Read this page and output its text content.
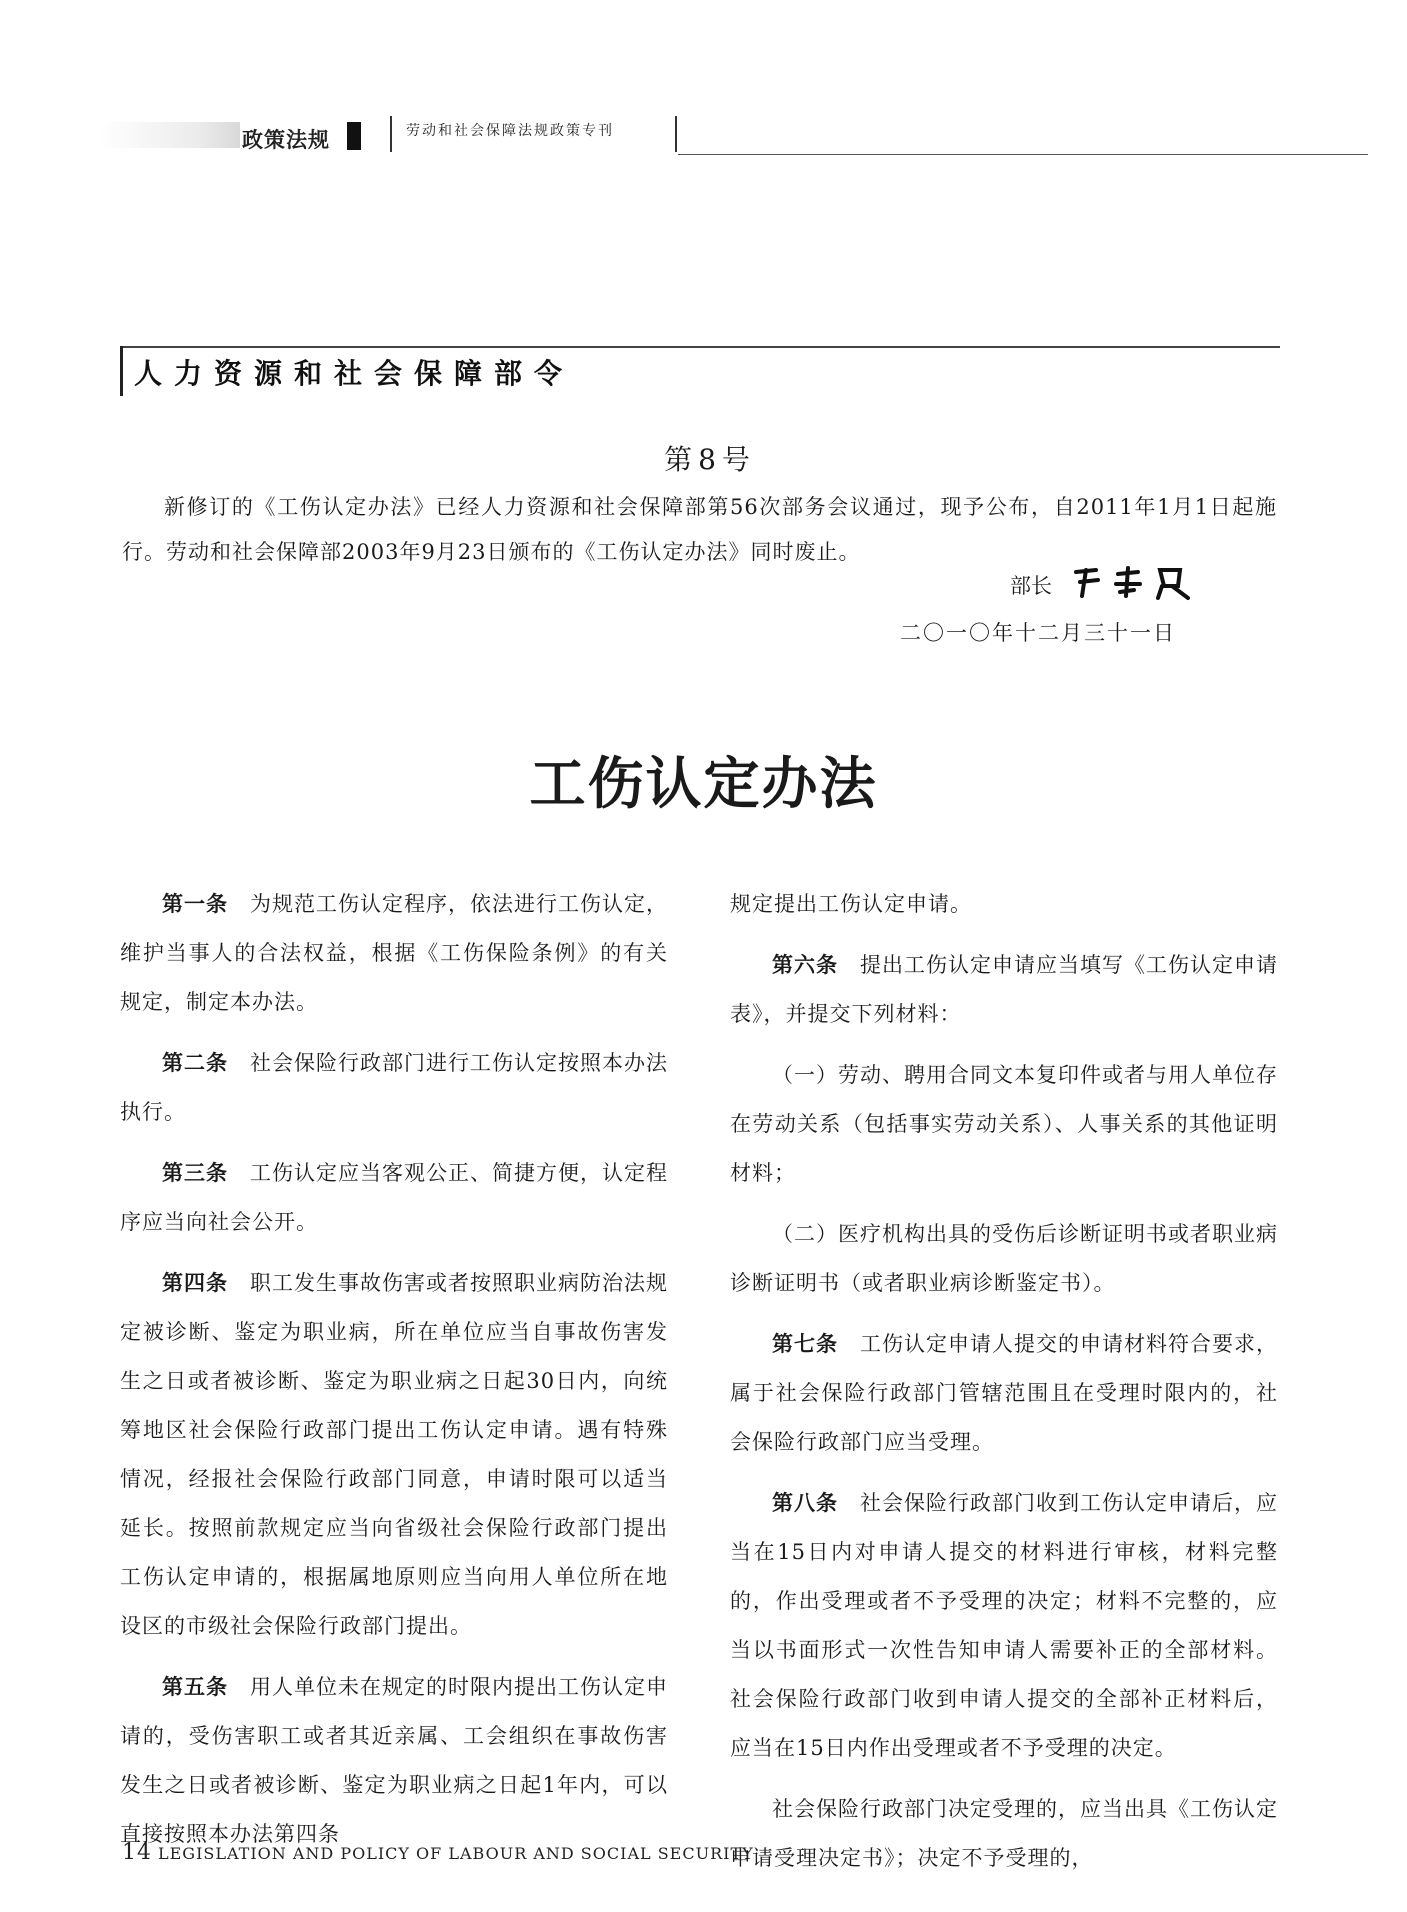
政策法规	劳动和社会保障法规政策专刊
人力资源和社会保障部令
第8号

新修订的《工伤认定办法》已经人力资源和社会保障部第56次部务会议通过，现予公布，自2011年1月1日起施行。劳动和社会保障部2003年9月23日颁布的《工伤认定办法》同时废止。

部长
二〇一〇年十二月三十一日
工伤认定办法

第一条　 为规范工伤认定程序，依法进行工伤认定，维护当事人的合法权益，根据《工伤保险条例》的有关规定，制定本办法。

第二条　 社会保险行政部门进行工伤认定按照本办法执行。

第三条　 工伤认定应当客观公正、简捷方便，认定程序应当向社会公开。

第四条　 职工发生事故伤害或者按照职业病防治法规定被诊断、鉴定为职业病，所在单位应当自事故伤害发生之日或者被诊断、鉴定为职业病之日起30日内，向统筹地区社会保险行政部门提出工伤认定申请。遇有特殊情况，经报社会保险行政部门同意，申请时限可以适当延长。按照前款规定应当向省级社会保险行政部门提出工伤认定申请的，根据属地原则应当向用人单位所在地设区的市级社会保险行政部门提出。

第五条　 用人单位未在规定的时限内提出工伤认定申请的，受伤害职工或者其近亲属、工会组织在事故伤害发生之日或者被诊断、鉴定为职业病之日起1年内，可以直接按照本办法第四条

规定提出工伤认定申请。

第六条　 提出工伤认定申请应当填写《工伤认定申请表》，并提交下列材料：

（一）劳动、聘用合同文本复印件或者与用人单位存在劳动关系（包括事实劳动关系）、人事关系的其他证明材料；

（二）医疗机构出具的受伤后诊断证明书或者职业病诊断证明书（或者职业病诊断鉴定书）。

第七条　 工伤认定申请人提交的申请材料符合要求，属于社会保险行政部门管辖范围且在受理时限内的，社会保险行政部门应当受理。

第八条　 社会保险行政部门收到工伤认定申请后，应当在15日内对申请人提交的材料进行审核，材料完整的，作出受理或者不予受理的决定；材料不完整的，应当以书面形式一次性告知申请人需要补正的全部材料。社会保险行政部门收到申请人提交的全部补正材料后，应当在15日内作出受理或者不予受理的决定。

社会保险行政部门决定受理的，应当出具《工伤认定申请受理决定书》；决定不予受理的，

14 LEGISLATION AND POLICY OF LABOUR AND SOCIAL SECURITY
